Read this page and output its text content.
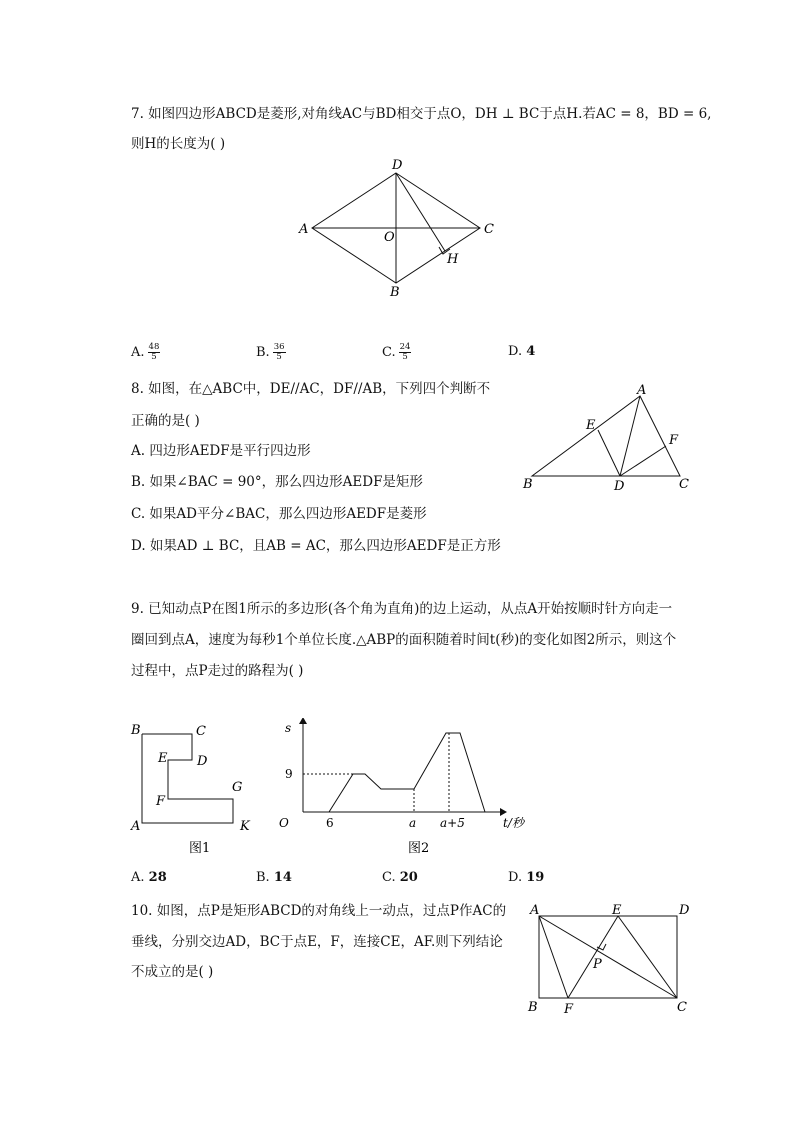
7. 如图四边形ABCD是菱形,对角线AC与BD相交于点O，DH ⊥ BC于点H.若AC = 8，BD = 6,
则H的长度为( )
D
A
O
C
H
B
A. $\frac{48}{5}$	B. $\frac{36}{5}$	C. $\frac{24}{5}$	D. 4
8. 如图，在△ABC中，DE//AC，DF//AB，下列四个判断不
正确的是( )
A. 四边形AEDF是平行四边形
B. 如果∠BAC = 90°，那么四边形AEDF是矩形
C. 如果AD平分∠BAC，那么四边形AEDF是菱形
D. 如果AD ⊥ BC，且AB = AC，那么四边形AEDF是正方形
A
E
F
B	D	C
9. 已知动点P在图1所示的多边形(各个角为直角)的边上运动，从点A开始按顺时针方向走一
圈回到点A，速度为每秒1个单位长度.△ABP的面积随着时间t(秒)的变化如图2所示，则这个
过程中，点P走过的路程为( )
B	C
E D
G
F
A	K
图1
s
9
O	6	a a+5	t/秒
图2
A. 28	B. 14	C. 20	D. 19
10. 如图，点P是矩形ABCD的对角线上一动点，过点P作AC的
垂线，分别交边AD，BC于点E，F，连接CE，AF.则下列结论
不成立的是( )
A	E	D
P
B F	C
